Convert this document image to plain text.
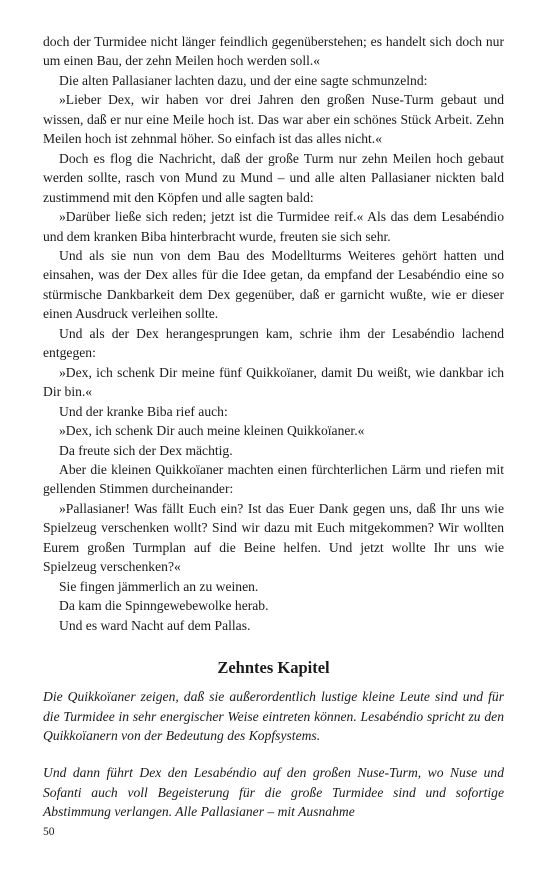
doch der Turmidee nicht länger feindlich gegenüberstehen; es handelt sich doch nur um einen Bau, der zehn Meilen hoch werden soll.«

Die alten Pallasianer lachten dazu, und der eine sagte schmunzelnd:

»Lieber Dex, wir haben vor drei Jahren den großen Nuse-Turm gebaut und wissen, daß er nur eine Meile hoch ist. Das war aber ein schönes Stück Arbeit. Zehn Meilen hoch ist zehnmal höher. So einfach ist das alles nicht.«

Doch es flog die Nachricht, daß der große Turm nur zehn Meilen hoch gebaut werden sollte, rasch von Mund zu Mund – und alle alten Pallasianer nickten bald zustimmend mit den Köpfen und alle sagten bald:

»Darüber ließe sich reden; jetzt ist die Turmidee reif.« Als das dem Lesabéndio und dem kranken Biba hinterbracht wurde, freuten sie sich sehr.

Und als sie nun von dem Bau des Modellturms Weiteres gehört hatten und einsahen, was der Dex alles für die Idee getan, da empfand der Lesabéndio eine so stürmische Dankbarkeit dem Dex gegenüber, daß er garnicht wußte, wie er dieser einen Ausdruck verleihen sollte.

Und als der Dex herangesprungen kam, schrie ihm der Lesabéndio lachend entgegen:

»Dex, ich schenk Dir meine fünf Quikkoïaner, damit Du weißt, wie dankbar ich Dir bin.«

Und der kranke Biba rief auch:

»Dex, ich schenk Dir auch meine kleinen Quikkoïaner.«

Da freute sich der Dex mächtig.

Aber die kleinen Quikkoïaner machten einen fürchterlichen Lärm und riefen mit gellenden Stimmen durcheinander:

»Pallasianer! Was fällt Euch ein? Ist das Euer Dank gegen uns, daß Ihr uns wie Spielzeug verschenken wollt? Sind wir dazu mit Euch mitgekommen? Wir wollten Eurem großen Turmplan auf die Beine helfen. Und jetzt wollte Ihr uns wie Spielzeug verschenken?«

Sie fingen jämmerlich an zu weinen.

Da kam die Spinngewebewolke herab.

Und es ward Nacht auf dem Pallas.

Zehntes Kapitel

Die Quikkoïaner zeigen, daß sie außerordentlich lustige kleine Leute sind und für die Turmidee in sehr energischer Weise eintreten können. Lesabéndio spricht zu den Quikkoïanern von der Bedeutung des Kopfsystems.

Und dann führt Dex den Lesabéndio auf den großen Nuse-Turm, wo Nuse und Sofanti auch voll Begeisterung für die große Turmidee sind und sofortige Abstimmung verlangen. Alle Pallasianer – mit Ausnahme

50
